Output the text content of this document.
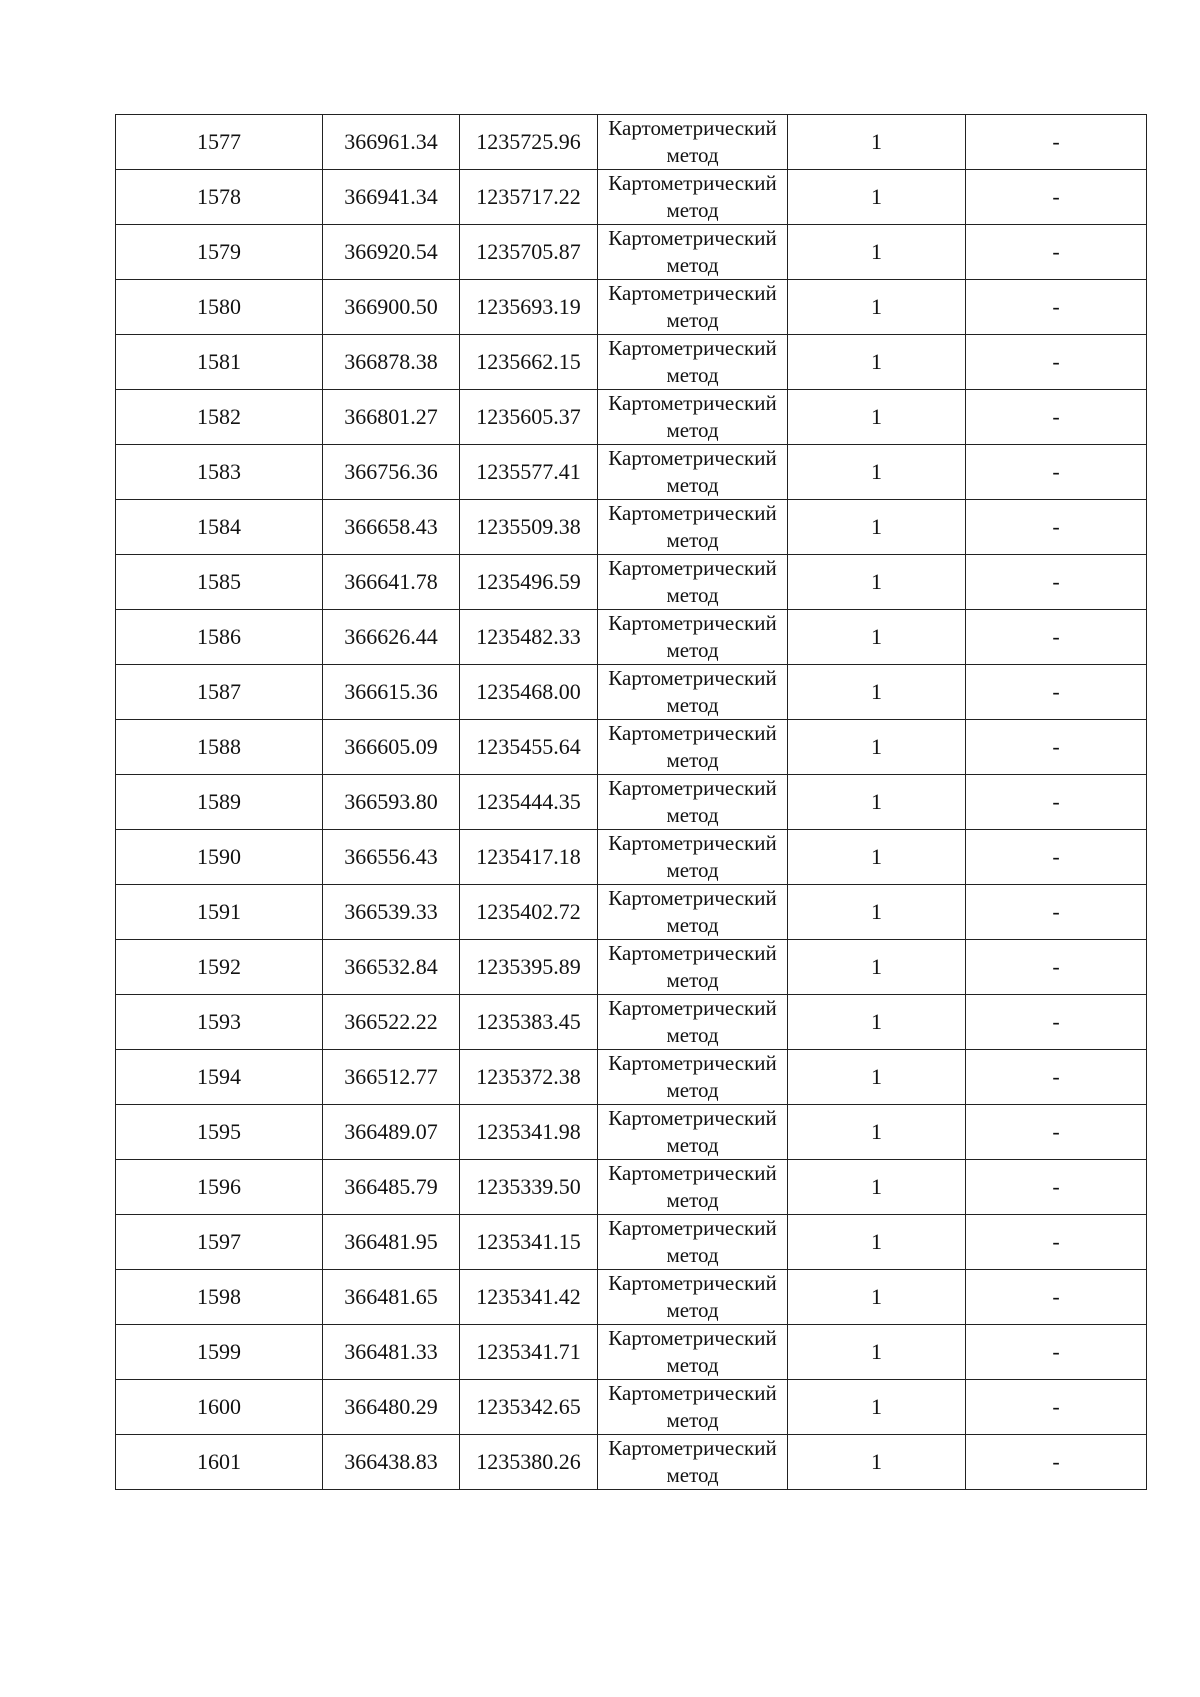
1577	366961.34	1235725.96	Картометрический метод	1	-
1578	366941.34	1235717.22	Картометрический метод	1	-
1579	366920.54	1235705.87	Картометрический метод	1	-
1580	366900.50	1235693.19	Картометрический метод	1	-
1581	366878.38	1235662.15	Картометрический метод	1	-
1582	366801.27	1235605.37	Картометрический метод	1	-
1583	366756.36	1235577.41	Картометрический метод	1	-
1584	366658.43	1235509.38	Картометрический метод	1	-
1585	366641.78	1235496.59	Картометрический метод	1	-
1586	366626.44	1235482.33	Картометрический метод	1	-
1587	366615.36	1235468.00	Картометрический метод	1	-
1588	366605.09	1235455.64	Картометрический метод	1	-
1589	366593.80	1235444.35	Картометрический метод	1	-
1590	366556.43	1235417.18	Картометрический метод	1	-
1591	366539.33	1235402.72	Картометрический метод	1	-
1592	366532.84	1235395.89	Картометрический метод	1	-
1593	366522.22	1235383.45	Картометрический метод	1	-
1594	366512.77	1235372.38	Картометрический метод	1	-
1595	366489.07	1235341.98	Картометрический метод	1	-
1596	366485.79	1235339.50	Картометрический метод	1	-
1597	366481.95	1235341.15	Картометрический метод	1	-
1598	366481.65	1235341.42	Картометрический метод	1	-
1599	366481.33	1235341.71	Картометрический метод	1	-
1600	366480.29	1235342.65	Картометрический метод	1	-
1601	366438.83	1235380.26	Картометрический метод	1	-
